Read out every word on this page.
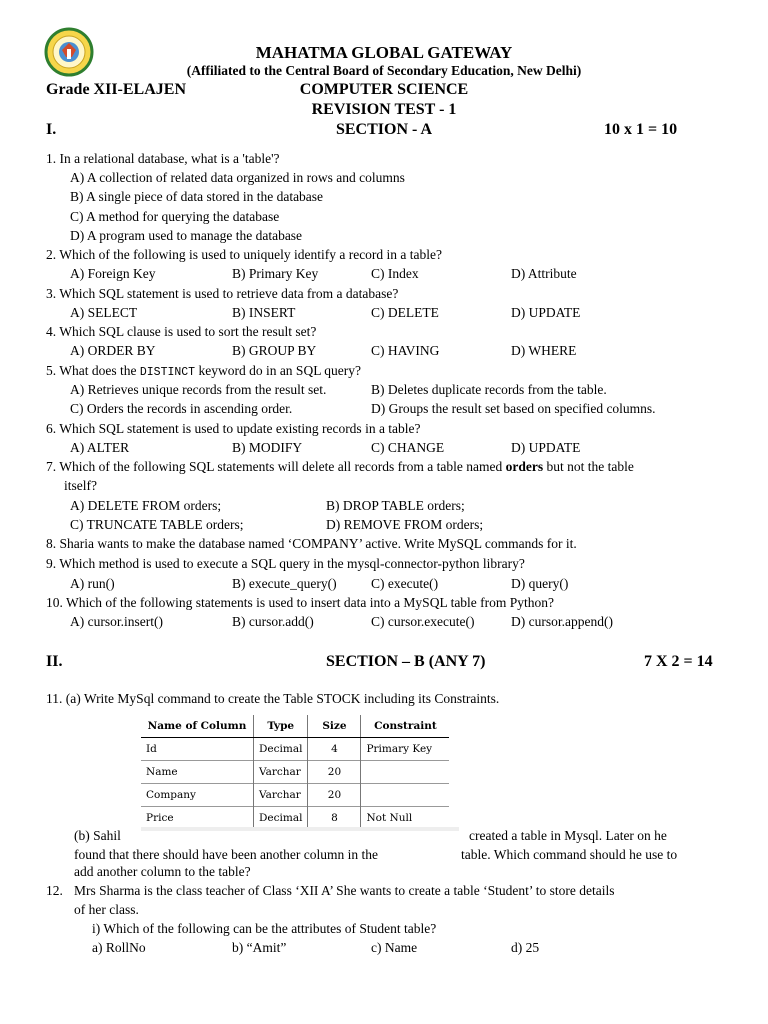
MAHATMA GLOBAL GATEWAY
(Affiliated to the Central Board of Secondary Education, New Delhi)
Grade XII-ELAJEN	COMPUTER SCIENCE
REVISION TEST - 1
I.	SECTION - A	10 x 1 = 10
1. In a relational database, what is a 'table'?
A) A collection of related data organized in rows and columns
B) A single piece of data stored in the database
C) A method for querying the database
D) A program used to manage the database
2. Which of the following is used to uniquely identify a record in a table?
A) Foreign Key	B) Primary Key	C) Index	D) Attribute
3. Which SQL statement is used to retrieve data from a database?
A) SELECT	B) INSERT	C) DELETE	D) UPDATE
4. Which SQL clause is used to sort the result set?
A) ORDER BY	B) GROUP BY	C) HAVING	D) WHERE
5. What does the DISTINCT keyword do in an SQL query?
A) Retrieves unique records from the result set.	B) Deletes duplicate records from the table.
C) Orders the records in ascending order.	D) Groups the result set based on specified columns.
6. Which SQL statement is used to update existing records in a table?
A) ALTER	B) MODIFY	C) CHANGE	D) UPDATE
7. Which of the following SQL statements will delete all records from a table named orders but not the table
itself?
A) DELETE FROM orders;	B) DROP TABLE orders;
C) TRUNCATE TABLE orders;	D) REMOVE FROM orders;
8. Sharia wants to make the database named ‘COMPANY’ active. Write MySQL commands for it.
9. Which method is used to execute a SQL query in the mysql-connector-python library?
A) run()	B) execute_query()	C) execute()	D) query()
10. Which of the following statements is used to insert data into a MySQL table from Python?
A) cursor.insert()	B) cursor.add()	C) cursor.execute()	D) cursor.append()
II.	SECTION – B (ANY 7)	7 X 2 = 14
11. (a) Write MySql command to create the Table STOCK including its Constraints.
Name of Column	Type	Size	Constraint
Id	Decimal	4	Primary Key
Name	Varchar	20	
Company	Varchar	20	
Price	Decimal	8	Not Null
(b) Sahil	created a table in Mysql. Later on he
found that there should have been another column in the	table. Which command should he use to
add another column to the table?
12. Mrs Sharma is the class teacher of Class ‘XII A’ She wants to create a table ‘Student’ to store details
of her class.
i) Which of the following can be the attributes of Student table?
a) RollNo	b) “Amit”	c) Name	d) 25
